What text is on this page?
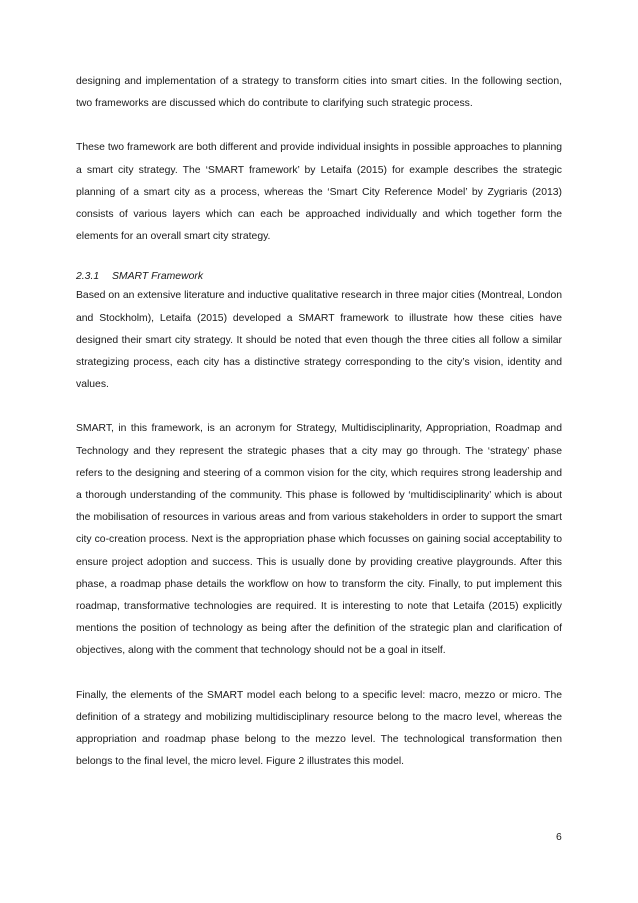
designing and implementation of a strategy to transform cities into smart cities. In the following section, two frameworks are discussed which do contribute to clarifying such strategic process.

These two framework are both different and provide individual insights in possible approaches to planning a smart city strategy. The ‘SMART framework’ by Letaifa (2015) for example describes the strategic planning of a smart city as a process, whereas the ‘Smart City Reference Model’ by Zygriaris (2013) consists of various layers which can each be approached individually and which together form the elements for an overall smart city strategy.

2.3.1 SMART Framework

Based on an extensive literature and inductive qualitative research in three major cities (Montreal, London and Stockholm), Letaifa (2015) developed a SMART framework to illustrate how these cities have designed their smart city strategy. It should be noted that even though the three cities all follow a similar strategizing process, each city has a distinctive strategy corresponding to the city’s vision, identity and values.

SMART, in this framework, is an acronym for Strategy, Multidisciplinarity, Appropriation, Roadmap and Technology and they represent the strategic phases that a city may go through. The ‘strategy’ phase refers to the designing and steering of a common vision for the city, which requires strong leadership and a thorough understanding of the community. This phase is followed by ‘multidisciplinarity’ which is about the mobilisation of resources in various areas and from various stakeholders in order to support the smart city co-creation process. Next is the appropriation phase which focusses on gaining social acceptability to ensure project adoption and success. This is usually done by providing creative playgrounds. After this phase, a roadmap phase details the workflow on how to transform the city. Finally, to put implement this roadmap, transformative technologies are required. It is interesting to note that Letaifa (2015) explicitly mentions the position of technology as being after the definition of the strategic plan and clarification of objectives, along with the comment that technology should not be a goal in itself.

Finally, the elements of the SMART model each belong to a specific level: macro, mezzo or micro. The definition of a strategy and mobilizing multidisciplinary resource belong to the macro level, whereas the appropriation and roadmap phase belong to the mezzo level. The technological transformation then belongs to the final level, the micro level. Figure 2 illustrates this model.

6
